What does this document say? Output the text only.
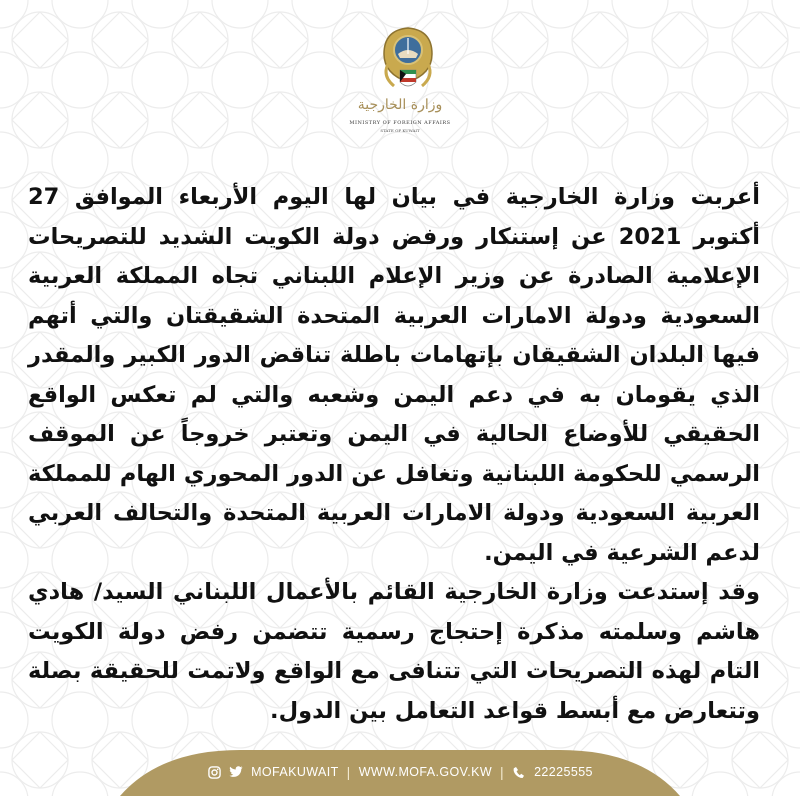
وزارة الخارجية
MINISTRY OF FOREIGN AFFAIRS
STATE OF KUWAIT

أعربت وزارة الخارجية في بيان لها اليوم الأربعاء الموافق 27 أكتوبر 2021 عن إستنكار ورفض دولة الكويت الشديد للتصريحات الإعلامية الصادرة عن وزير الإعلام اللبناني تجاه المملكة العربية السعودية ودولة الامارات العربية المتحدة الشقيقتان والتي أتهم فيها البلدان الشقيقان بإتهامات باطلة تناقض الدور الكبير والمقدر الذي يقومان به في دعم اليمن وشعبه والتي لم تعكس الواقع الحقيقي للأوضاع الحالية في اليمن وتعتبر خروجاً عن الموقف الرسمي للحكومة اللبنانية وتغافل عن الدور المحوري الهام للمملكة العربية السعودية ودولة الامارات العربية المتحدة والتحالف العربي لدعم الشرعية في اليمن.

وقد إستدعت وزارة الخارجية القائم بالأعمال اللبناني السيد/ هادي هاشم وسلمته مذكرة إحتجاج رسمية تتضمن رفض دولة الكويت التام لهذه التصريحات التي تتنافى مع الواقع ولاتمت للحقيقة بصلة وتتعارض مع أبسط قواعد التعامل بين الدول.

MOFAKUWAIT | WWW.MOFA.GOV.KW | 22225555
